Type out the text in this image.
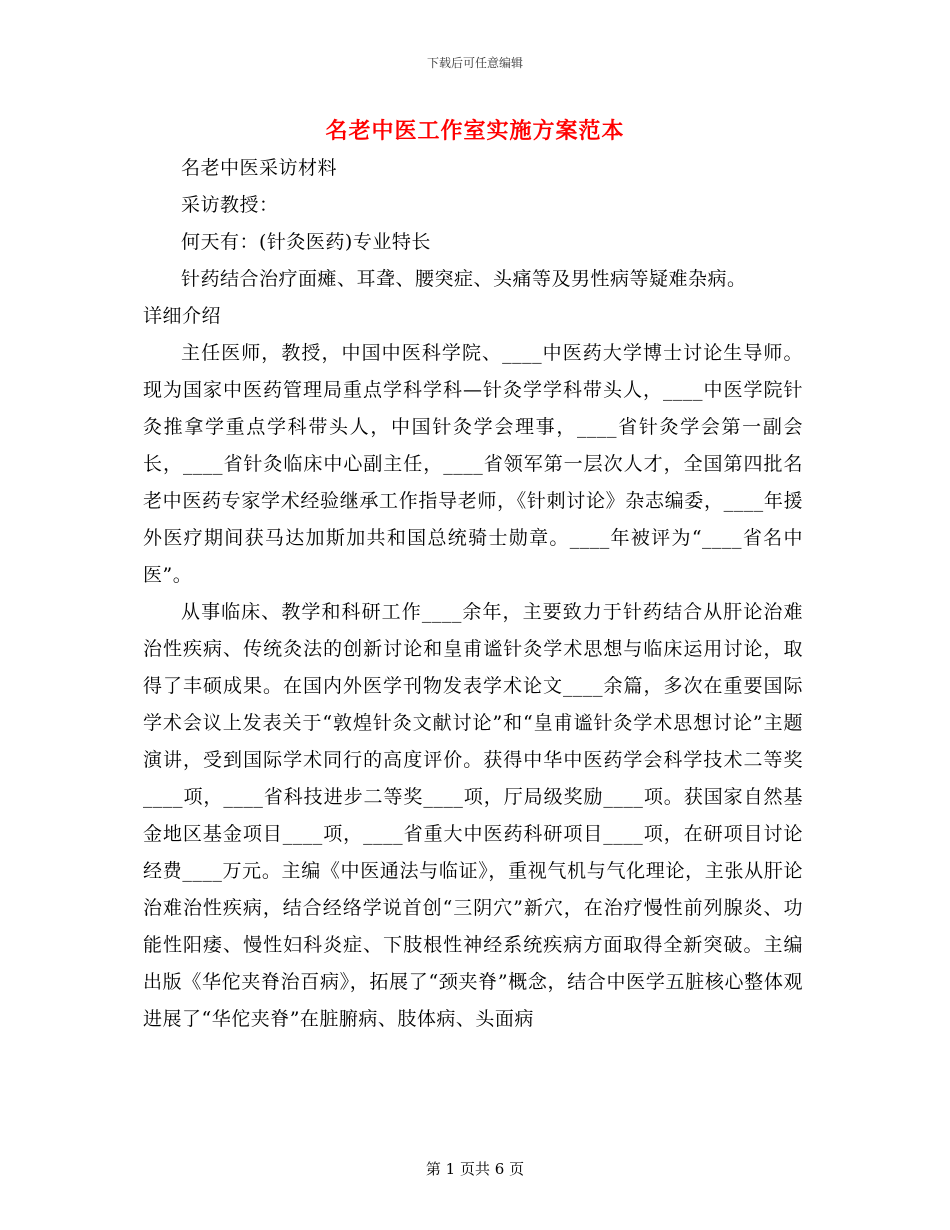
下载后可任意编辑
名老中医工作室实施方案范本

名老中医采访材料

采访教授：

何天有：(针灸医药)专业特长

针药结合治疗面瘫、耳聋、腰突症、头痛等及男性病等疑难杂病。

详细介绍

主任医师，教授，中国中医科学院、____中医药大学博士讨论生导师。现为国家中医药管理局重点学科学科—针灸学学科带头人，____中医学院针灸推拿学重点学科带头人，中国针灸学会理事，____省针灸学会第一副会长，____省针灸临床中心副主任，____省领军第一层次人才，全国第四批名老中医药专家学术经验继承工作指导老师，《针刺讨论》杂志编委，____年援外医疗期间获马达加斯加共和国总统骑士勋章。____年被评为“____省名中医”。

从事临床、教学和科研工作____余年，主要致力于针药结合从肝论治难治性疾病、传统灸法的创新讨论和皇甫谧针灸学术思想与临床运用讨论，取得了丰硕成果。在国内外医学刊物发表学术论文____余篇，多次在重要国际学术会议上发表关于“敦煌针灸文献讨论”和“皇甫谧针灸学术思想讨论”主题演讲，受到国际学术同行的高度评价。获得中华中医药学会科学技术二等奖____项，____省科技进步二等奖____项，厅局级奖励____项。获国家自然基金地区基金项目____项，____省重大中医药科研项目____项，在研项目讨论经费____万元。主编《中医通法与临证》，重视气机与气化理论，主张从肝论治难治性疾病，结合经络学说首创“三阴穴”新穴，在治疗慢性前列腺炎、功能性阳痿、慢性妇科炎症、下肢根性神经系统疾病方面取得全新突破。主编出版《华佗夹脊治百病》，拓展了“颈夹脊”概念，结合中医学五脏核心整体观进展了“华佗夹脊”在脏腑病、肢体病、头面病

第 1 页共 6 页
